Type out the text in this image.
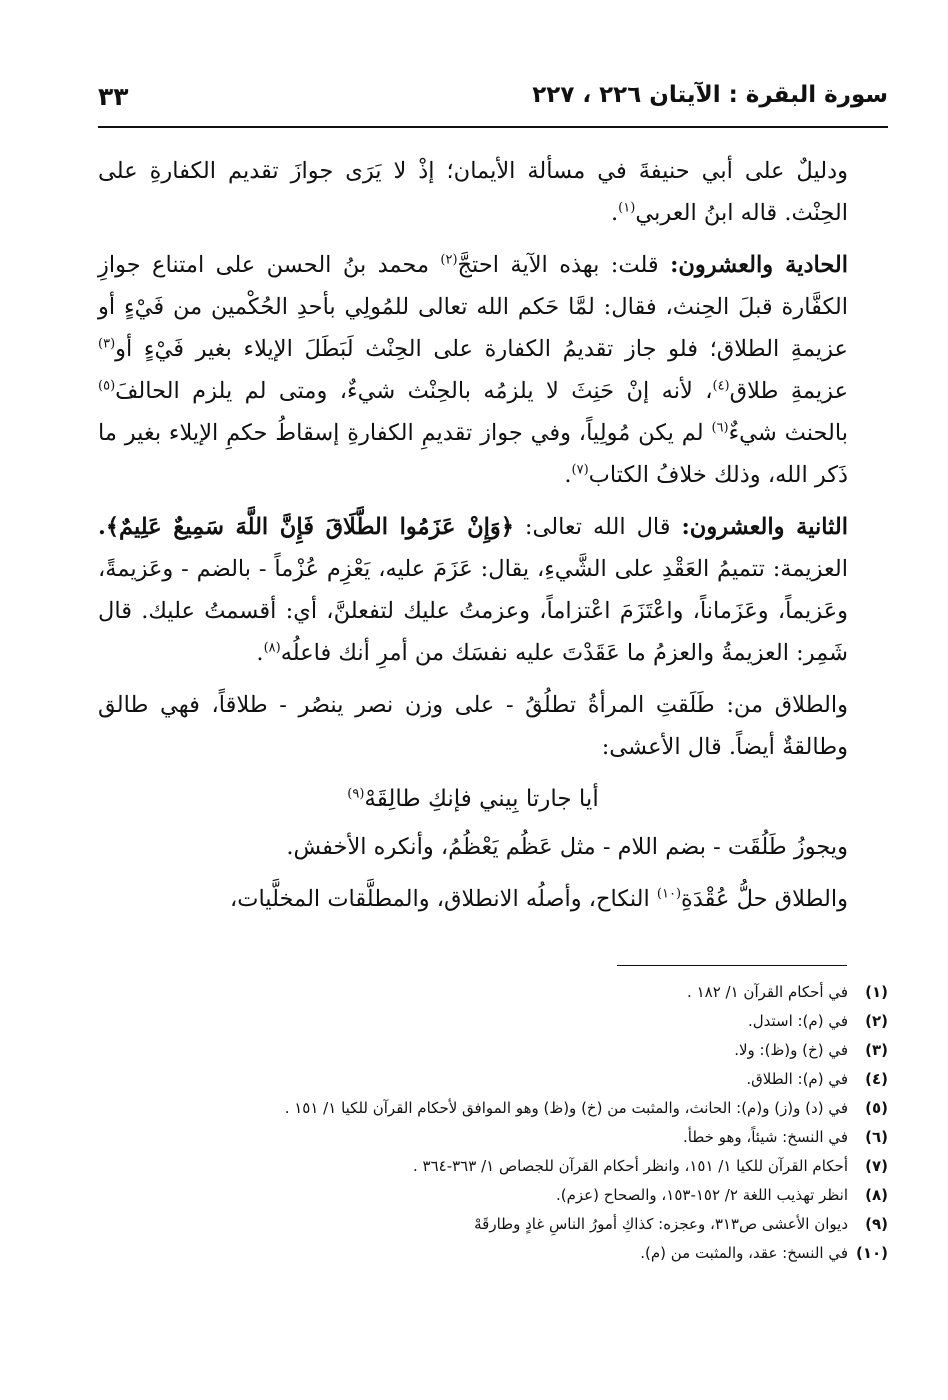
سورة البقرة : الآيتان ٢٢٦ ، ٢٢٧
٣٣

ودليلٌ على أبي حنيفةَ في مسألة الأيمان؛ إذْ لا يَرَى جوازَ تقديم الكفارةِ على الحِنْث. قاله ابنُ العربي$^{(١)}$.

الحادية والعشرون: قلت: بهذه الآية احتجَّ$^{(٢)}$ محمد بنُ الحسن على امتناع جوازِ الكفَّارة قبلَ الحِنث، فقال: لمَّا حَكم الله تعالى للمُولِي بأحدِ الحُكْمين من فَيْءٍ أو عزيمةِ الطلاق؛ فلو جاز تقديمُ الكفارة على الحِنْث لَبَطَلَ الإيلاء بغير فَيْءٍ أو$^{(٣)}$ عزيمةِ طلاق$^{(٤)}$، لأنه إنْ حَنِثَ لا يلزمُه بالحِنْث شيءٌ، ومتى لم يلزم الحالفَ$^{(٥)}$ بالحنث شيءٌ$^{(٦)}$ لم يكن مُولِياً، وفي جواز تقديمِ الكفارةِ إسقاطُ حكمِ الإيلاء بغير ما ذَكر الله، وذلك خلافُ الكتاب$^{(٧)}$.

الثانية والعشرون: قال الله تعالى: ﴿وَإِنْ عَزَمُوا الطَّلَاقَ فَإِنَّ اللَّهَ سَمِيعٌ عَلِيمٌ﴾. العزيمة: تتميمُ العَقْدِ على الشَّيءِ، يقال: عَزَمَ عليه، يَعْزِم عُزْماً - بالضم - وعَزيمةً، وعَزيماً، وعَزَماناً، واعْتَزَمَ اعْتزاماً، وعزمتُ عليك لتفعلنَّ، أي: أقسمتُ عليك. قال شَمِر: العزيمةُ والعزمُ ما عَقَدْتَ عليه نفسَك من أمرِ أنك فاعلُه$^{(٨)}$.

والطلاق من: طَلَقتِ المرأةُ تطلُقُ - على وزن نصر ينصُر - طلاقاً، فهي طالق وطالقةٌ أيضاً. قال الأعشى:

أيا جارتا بِيني فإنكِ طالِقَهْ$^{(٩)}$

ويجوزُ طَلُقَت - بضم اللام - مثل عَظُم يَعْظُمُ، وأنكره الأخفش.

والطلاق حلُّ عُقْدَةِ$^{(١٠)}$ النكاح، وأصلُه الانطلاق، والمطلَّقات المخلَّيات،

(١)في أحكام القرآن ١/ ١٨٢ .
(٢)في (م): استدل.
(٣)في (خ) و(ظ): ولا.
(٤)في (م): الطلاق.
(٥)في (د) و(ز) و(م): الحانث، والمثبت من (خ) و(ظ) وهو الموافق لأحكام القرآن للكيا ١/ ١٥١ .
(٦)في النسخ: شيئاً، وهو خطأ.
(٧)أحكام القرآن للكيا ١/ ١٥١، وانظر أحكام القرآن للجصاص ١/ ٣٦٣-٣٦٤ .
(٨)انظر تهذيب اللغة ٢/ ١٥٢-١٥٣، والصحاح (عزم).
(٩)ديوان الأعشى ص٣١٣، وعجزه: كذاكِ أمورُ الناسِ غادٍ وطارقَهْ
(١٠)في النسخ: عقد، والمثبت من (م).
